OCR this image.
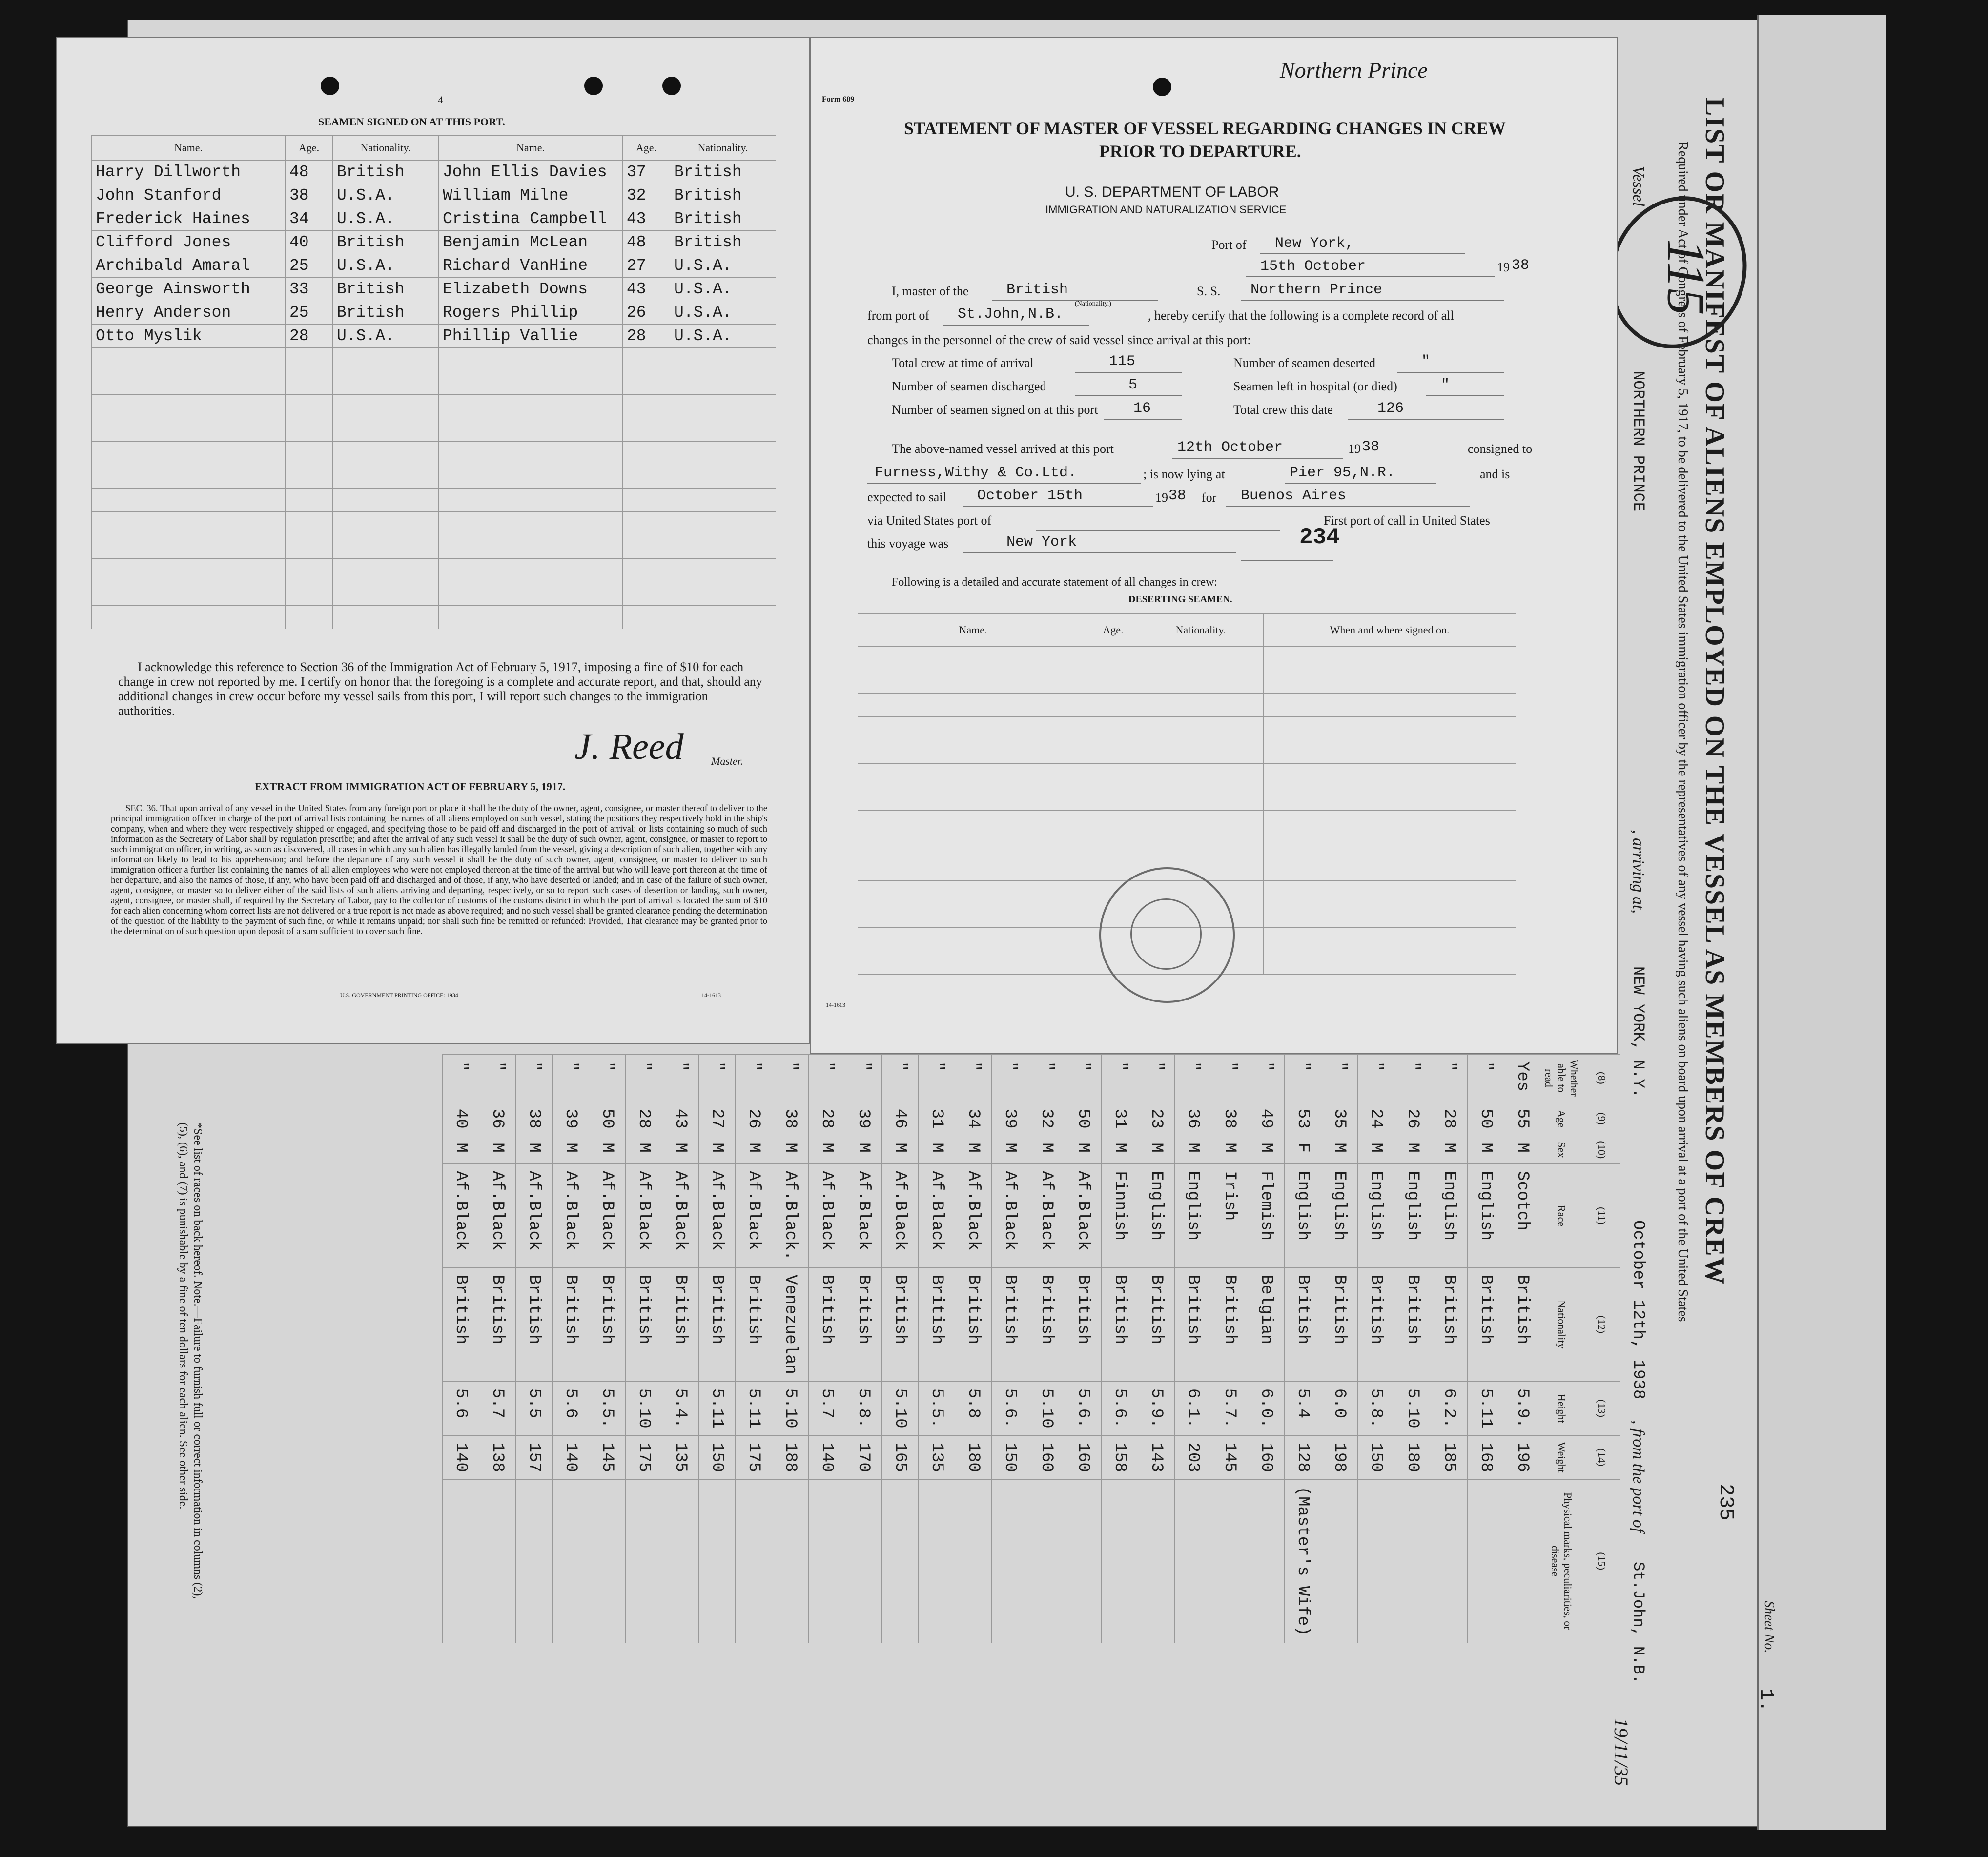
LIST OR MANIFEST OF ALIENS EMPLOYED ON THE VESSEL AS MEMBERS OF CREW
Required under Act of Congress of February 5, 1917, to be delivered to the United States immigration officer by the representatives of any vessel having such aliens on board upon arrival at a port of the United States
Vessel
NORTHERN PRINCE
, arriving at,
NEW YORK, N.Y.
October 12th, 1938
, from the port of
St.John, N.B.
19/11/35
235
Sheet No.
1.
115
(8)	(9)	(10)	(11)	(12)	(13)	(14)	(15)
Whether able to read	Age	Sex	Race	Nationality	Height	Weight	Physical marks, peculiarities, or disease
Yes	55	M	Scotch	British	5.9.	196	
"	50	M	English	British	5.11	168	
"	28	M	English	British	6.2.	185	
"	26	M	English	British	5.10	180	
"	24	M	English	British	5.8.	150	
"	35	M	English	British	6.0	198	
"	53	F	English	British	5.4	128	(Master's Wife)
"	49	M	Flemish	Belgian	6.0.	160	
"	38	M	Irish	British	5.7.	145	
"	36	M	English	British	6.1.	203	
"	23	M	English	British	5.9.	143	
"	31	M	Finnish	British	5.6.	158	
"	50	M	Af.Black	British	5.6.	160	
"	32	M	Af.Black	British	5.10	160	
"	39	M	Af.Black	British	5.6.	150	
"	34	M	Af.Black	British	5.8	180	
"	31	M	Af.Black	British	5.5.	135	
"	46	M	Af.Black	British	5.10	165	
"	39	M	Af.Black	British	5.8.	170	
"	28	M	Af.Black	British	5.7	140	
"	38	M	Af.Black.	Venezuelan	5.10	188	
"	26	M	Af.Black	British	5.11	175	
"	27	M	Af.Black	British	5.11	150	
"	43	M	Af.Black	British	5.4.	135	
"	28	M	Af.Black	British	5.10	175	
"	50	M	Af.Black	British	5.5.	145	
"	39	M	Af.Black	British	5.6	140	
"	38	M	Af.Black	British	5.5	157	
"	36	M	Af.Black	British	5.7	138	
"	40	M	Af.Black	British	5.6	140	
*See list of races on back hereof. Note.—Failure to furnish full or correct information in columns (2), (5), (6), and (7) is punishable by a fine of ten dollars for each alien. See other side.
4
SEAMEN SIGNED ON AT THIS PORT.
Name.	Age.	Nationality.	Name.	Age.	Nationality.
Harry Dillworth	48	British	John Ellis Davies	37	British
John Stanford	38	U.S.A.	William Milne	32	British
Frederick Haines	34	U.S.A.	Cristina Campbell	43	British
Clifford Jones	40	British	Benjamin McLean	48	British
Archibald Amaral	25	U.S.A.	Richard VanHine	27	U.S.A.
George Ainsworth	33	British	Elizabeth Downs	43	U.S.A.
Henry Anderson	25	British	Rogers Phillip	26	U.S.A.
Otto Myslik	28	U.S.A.	Phillip Vallie	28	U.S.A.

I acknowledge this reference to Section 36 of the Immigration Act of February 5, 1917, imposing a fine of $10 for each change in crew not reported by me. I certify on honor that the foregoing is a complete and accurate report, and that, should any additional changes in crew occur before my vessel sails from this port, I will report such changes to the immigration authorities.
J. Reed	Master.
EXTRACT FROM IMMIGRATION ACT OF FEBRUARY 5, 1917.
SEC. 36. That upon arrival of any vessel in the United States from any foreign port or place it shall be the duty of the owner, agent, consignee, or master thereof to deliver to the principal immigration officer in charge of the port of arrival lists containing the names of all aliens employed on such vessel, stating the positions they respectively hold in the ship's company, when and where they were respectively shipped or engaged, and specifying those to be paid off and discharged in the port of arrival; or lists containing so much of such information as the Secretary of Labor shall by regulation prescribe; and after the arrival of any such vessel it shall be the duty of such owner, agent, consignee, or master to report to such immigration officer, in writing, as soon as discovered, all cases in which any such alien has illegally landed from the vessel, giving a description of such alien, together with any information likely to lead to his apprehension; and before the departure of any such vessel it shall be the duty of such owner, agent, consignee, or master to deliver to such immigration officer a further list containing the names of all alien employees who were not employed thereon at the time of the arrival but who will leave port thereon at the time of her departure, and also the names of those, if any, who have been paid off and discharged and of those, if any, who have deserted or landed; and in case of the failure of such owner, agent, consignee, or master so to deliver either of the said lists of such aliens arriving and departing, respectively, or so to report such cases of desertion or landing, such owner, agent, consignee, or master shall, if required by the Secretary of Labor, pay to the collector of customs of the customs district in which the port of arrival is located the sum of $10 for each alien concerning whom correct lists are not delivered or a true report is not made as above required; and no such vessel shall be granted clearance pending the determination of the question of the liability to the payment of such fine, or while it remains unpaid; nor shall such fine be remitted or refunded: Provided, That clearance may be granted prior to the determination of such question upon deposit of a sum sufficient to cover such fine.
U.S. GOVERNMENT PRINTING OFFICE: 1934	14-1613
Form 689
Northern Prince
STATEMENT OF MASTER OF VESSEL REGARDING CHANGES IN CREW
PRIOR TO DEPARTURE.
U. S. DEPARTMENT OF LABOR
IMMIGRATION AND NATURALIZATION SERVICE
Port of New York,
15th October	19 38
I, master of the	British
(Nationality.)
S. S. Northern Prince
from port of St.John,N.B.	, hereby certify that the following is a complete record of all
changes in the personnel of the crew of said vessel since arrival at this port:
Total crew at time of arrival	115	Number of seamen deserted	"
Number of seamen discharged	5	Seamen left in hospital (or died)	"
Number of seamen signed on at this port 16	Total crew this date	126
The above-named vessel arrived at this port	12th October	19 38	consigned to
Furness,Withy & Co.Ltd.	; is now lying at	Pier 95,N.R.	and is
expected to sail October 15th	19 38 for Buenos Aires
via United States port of	First port of call in United States
this voyage was	New York	234
Following is a detailed and accurate statement of all changes in crew:
DESERTING SEAMEN.
Name.	Age.	Nationality.	When and where signed on.

14-1613
